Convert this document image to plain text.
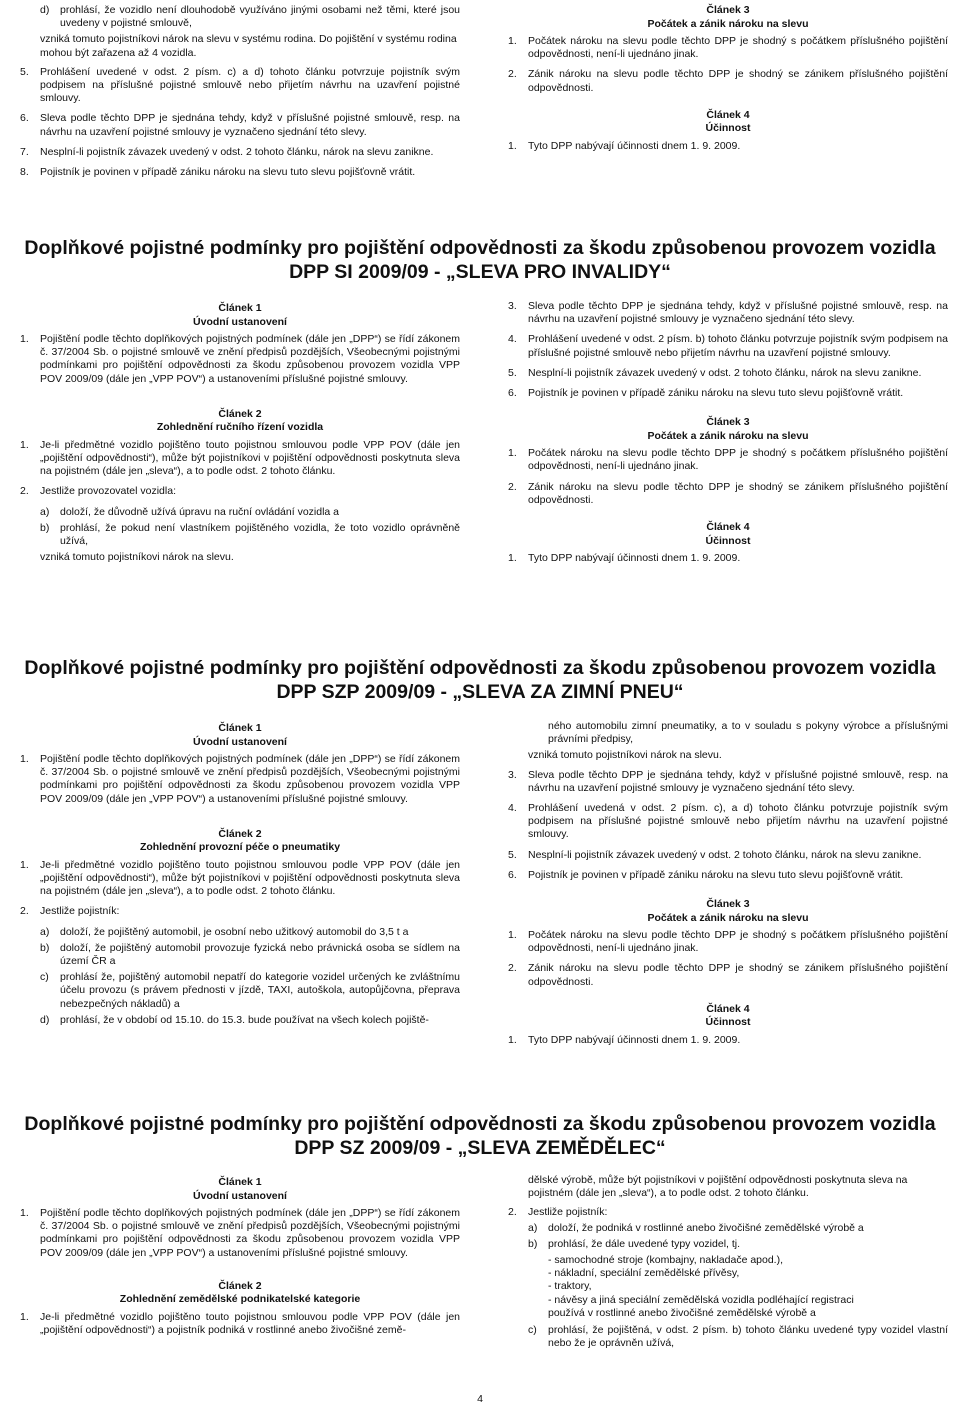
d) prohlásí, že vozidlo není dlouhodobě využíváno jinými osobami než těmi, které jsou uvedeny v pojistné smlouvě,
vzniká tomuto pojistníkovi nárok na slevu v systému rodina. Do pojištění v systému rodina mohou být zařazena až 4 vozidla.
5. Prohlášení uvedené v odst. 2 písm. c) a d) tohoto článku potvrzuje pojistník svým podpisem na příslušné pojistné smlouvě nebo přijetím návrhu na uzavření pojistné smlouvy.
6. Sleva podle těchto DPP je sjednána tehdy, když v příslušné pojistné smlouvě, resp. na návrhu na uzavření pojistné smlouvy je vyznačeno sjednání této slevy.
7. Nesplní-li pojistník závazek uvedený v odst. 2 tohoto článku, nárok na slevu zanikne.
8. Pojistník je povinen v případě zániku nároku na slevu tuto slevu pojišťovně vrátit.
Článek 3
Počátek a zánik nároku na slevu
1. Počátek nároku na slevu podle těchto DPP je shodný s počátkem příslušného pojištění odpovědnosti, není-li ujednáno jinak.
2. Zánik nároku na slevu podle těchto DPP je shodný se zánikem příslušného pojištění odpovědnosti.
Článek 4
Účinnost
1. Tyto DPP nabývají účinnosti dnem 1. 9. 2009.
Doplňkové pojistné podmínky pro pojištění odpovědnosti za škodu způsobenou provozem vozidla
DPP SI 2009/09 - „SLEVA PRO INVALIDY“
Článek 1
Úvodní ustanovení
1. Pojištění podle těchto doplňkových pojistných podmínek (dále jen „DPP“) se řídí zákonem č. 37/2004 Sb. o pojistné smlouvě ve znění předpisů pozdějších, Všeobecnými pojistnými podmínkami pro pojištění odpovědnosti za škodu způsobenou provozem vozidla VPP POV 2009/09 (dále jen „VPP POV“) a ustanoveními příslušné pojistné smlouvy.
Článek 2
Zohlednění ručního řízení vozidla
1. Je-li předmětné vozidlo pojištěno touto pojistnou smlouvou podle VPP POV (dále jen „pojištění odpovědnosti“), může být pojistníkovi v pojištění odpovědnosti poskytnuta sleva na pojistném (dále jen „sleva“), a to podle odst. 2 tohoto článku.
2. Jestliže provozovatel vozidla:
a) doloží, že důvodně užívá úpravu na ruční ovládání vozidla a
b) prohlásí, že pokud není vlastníkem pojištěného vozidla, že toto vozidlo oprávněně užívá,
vzniká tomuto pojistníkovi nárok na slevu.
3. Sleva podle těchto DPP je sjednána tehdy, když v příslušné pojistné smlouvě, resp. na návrhu na uzavření pojistné smlouvy je vyznačeno sjednání této slevy.
4. Prohlášení uvedené v odst. 2 písm. b) tohoto článku potvrzuje pojistník svým podpisem na příslušné pojistné smlouvě nebo přijetím návrhu na uzavření pojistné smlouvy.
5. Nesplní-li pojistník závazek uvedený v odst. 2 tohoto článku, nárok na slevu zanikne.
6. Pojistník je povinen v případě zániku nároku na slevu tuto slevu pojišťovně vrátit.
Článek 3
Počátek a zánik nároku na slevu
1. Počátek nároku na slevu podle těchto DPP je shodný s počátkem příslušného pojištění odpovědnosti, není-li ujednáno jinak.
2. Zánik nároku na slevu podle těchto DPP je shodný se zánikem příslušného pojištění odpovědnosti.
Článek 4
Účinnost
1. Tyto DPP nabývají účinnosti dnem 1. 9. 2009.
Doplňkové pojistné podmínky pro pojištění odpovědnosti za škodu způsobenou provozem vozidla
DPP SZP 2009/09 - „SLEVA ZA ZIMNÍ PNEU“
Článek 1
Úvodní ustanovení
1. Pojištění podle těchto doplňkových pojistných podmínek (dále jen „DPP“) se řídí zákonem č. 37/2004 Sb. o pojistné smlouvě ve znění předpisů pozdějších, Všeobecnými pojistnými podmínkami pro pojištění odpovědnosti za škodu způsobenou provozem vozidla VPP POV 2009/09 (dále jen „VPP POV“) a ustanoveními příslušné pojistné smlouvy.
Článek 2
Zohlednění provozní péče o pneumatiky
1. Je-li předmětné vozidlo pojištěno touto pojistnou smlouvou podle VPP POV (dále jen „pojištění odpovědnosti“), může být pojistníkovi v pojištění odpovědnosti poskytnuta sleva na pojistném (dále jen „sleva“), a to podle odst. 2 tohoto článku.
2. Jestliže pojistník:
a) doloží, že pojištěný automobil, je osobní nebo užitkový automobil do 3,5 t a
b) doloží, že pojištěný automobil provozuje fyzická nebo právnická osoba se sídlem na území ČR a
c) prohlásí že, pojištěný automobil nepatří do kategorie vozidel určených ke zvláštnímu účelu provozu (s právem přednosti v jízdě, TAXI, autoškola, autopůjčovna, přeprava nebezpečných nákladů) a
d) prohlásí, že v období od 15.10. do 15.3. bude používat na všech kolech pojiště-
ného automobilu zimní pneumatiky, a to v souladu s pokyny výrobce a příslušnými právními předpisy,
vzniká tomuto pojistníkovi nárok na slevu.
3. Sleva podle těchto DPP je sjednána tehdy, když v příslušné pojistné smlouvě, resp. na návrhu na uzavření pojistné smlouvy je vyznačeno sjednání této slevy.
4. Prohlášení uvedená v odst. 2 písm. c), a d) tohoto článku potvrzuje pojistník svým podpisem na příslušné pojistné smlouvě nebo přijetím návrhu na uzavření pojistné smlouvy.
5. Nesplní-li pojistník závazek uvedený v odst. 2 tohoto článku, nárok na slevu zanikne.
6. Pojistník je povinen v případě zániku nároku na slevu tuto slevu pojišťovně vrátit.
Článek 3
Počátek a zánik nároku na slevu
1. Počátek nároku na slevu podle těchto DPP je shodný s počátkem příslušného pojištění odpovědnosti, není-li ujednáno jinak.
2. Zánik nároku na slevu podle těchto DPP je shodný se zánikem příslušného pojištění odpovědnosti.
Článek 4
Účinnost
1. Tyto DPP nabývají účinnosti dnem 1. 9. 2009.
Doplňkové pojistné podmínky pro pojištění odpovědnosti za škodu způsobenou provozem vozidla
DPP SZ 2009/09 - „SLEVA ZEMĚDĚLEC“
Článek 1
Úvodní ustanovení
1. Pojištění podle těchto doplňkových pojistných podmínek (dále jen „DPP“) se řídí zákonem č. 37/2004 Sb. o pojistné smlouvě ve znění předpisů pozdějších, Všeobecnými pojistnými podmínkami pro pojištění odpovědnosti za škodu způsobenou provozem vozidla VPP POV 2009/09 (dále jen „VPP POV“) a ustanoveními příslušné pojistné smlouvy.
Článek 2
Zohlednění zemědělské podnikatelské kategorie
1. Je-li předmětné vozidlo pojištěno touto pojistnou smlouvou podle VPP POV (dále jen „pojištění odpovědnosti“) a pojistník podniká v rostlinné anebo živočišné země-
dělské výrobě, může být pojistníkovi v pojištění odpovědnosti poskytnuta sleva na pojistném (dále jen „sleva“), a to podle odst. 2 tohoto článku.
2. Jestliže pojistník:
a) doloží, že podniká v rostlinné anebo živočišné zemědělské výrobě a
b) prohlásí, že dále uvedené typy vozidel, tj.
- samochodné stroje (kombajny, nakladače apod.),
- nákladní, speciální zemědělské přívěsy,
- traktory,
- návěsy a jiná speciální zemědělská vozidla podléhající registraci
používá v rostlinné anebo živočišné zemědělské výrobě a
c) prohlásí, že pojištěná, v odst. 2 písm. b) tohoto článku uvedené typy vozidel vlastní nebo že je oprávněn užívá,
4
